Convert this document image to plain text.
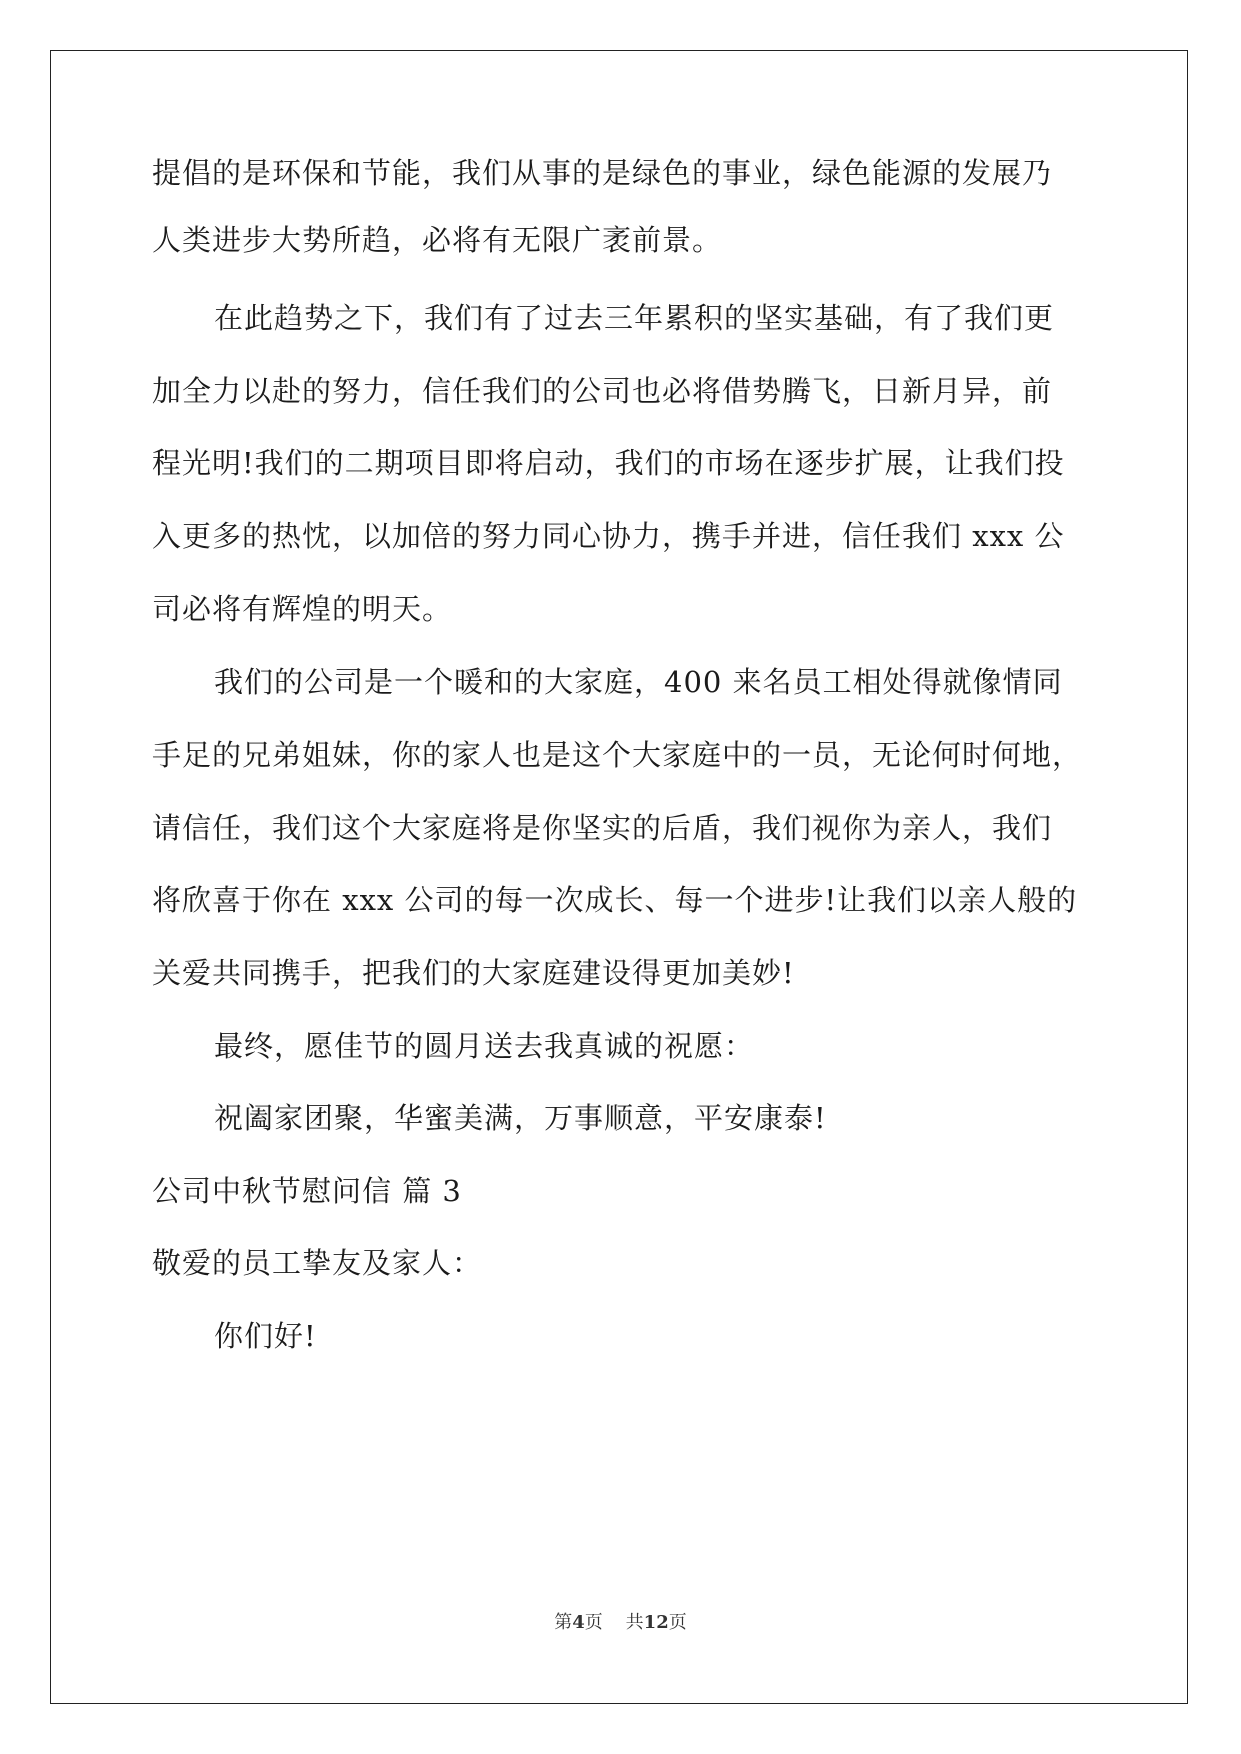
提倡的是环保和节能，我们从事的是绿色的事业，绿色能源的发展乃
人类进步大势所趋，必将有无限广袤前景。
在此趋势之下，我们有了过去三年累积的坚实基础，有了我们更
加全力以赴的努力，信任我们的公司也必将借势腾飞，日新月异，前
程光明!我们的二期项目即将启动，我们的市场在逐步扩展，让我们投
入更多的热忱，以加倍的努力同心协力，携手并进，信任我们 xxx 公
司必将有辉煌的明天。
我们的公司是一个暖和的大家庭，400 来名员工相处得就像情同
手足的兄弟姐妹，你的家人也是这个大家庭中的一员，无论何时何地，
请信任，我们这个大家庭将是你坚实的后盾，我们视你为亲人，我们
将欣喜于你在 xxx 公司的每一次成长、每一个进步!让我们以亲人般的
关爱共同携手，把我们的大家庭建设得更加美妙!
最终，愿佳节的圆月送去我真诚的祝愿：
祝阖家团聚，华蜜美满，万事顺意，平安康泰!
公司中秋节慰问信 篇 3
敬爱的员工挚友及家人：
你们好!
第4页 共12页
